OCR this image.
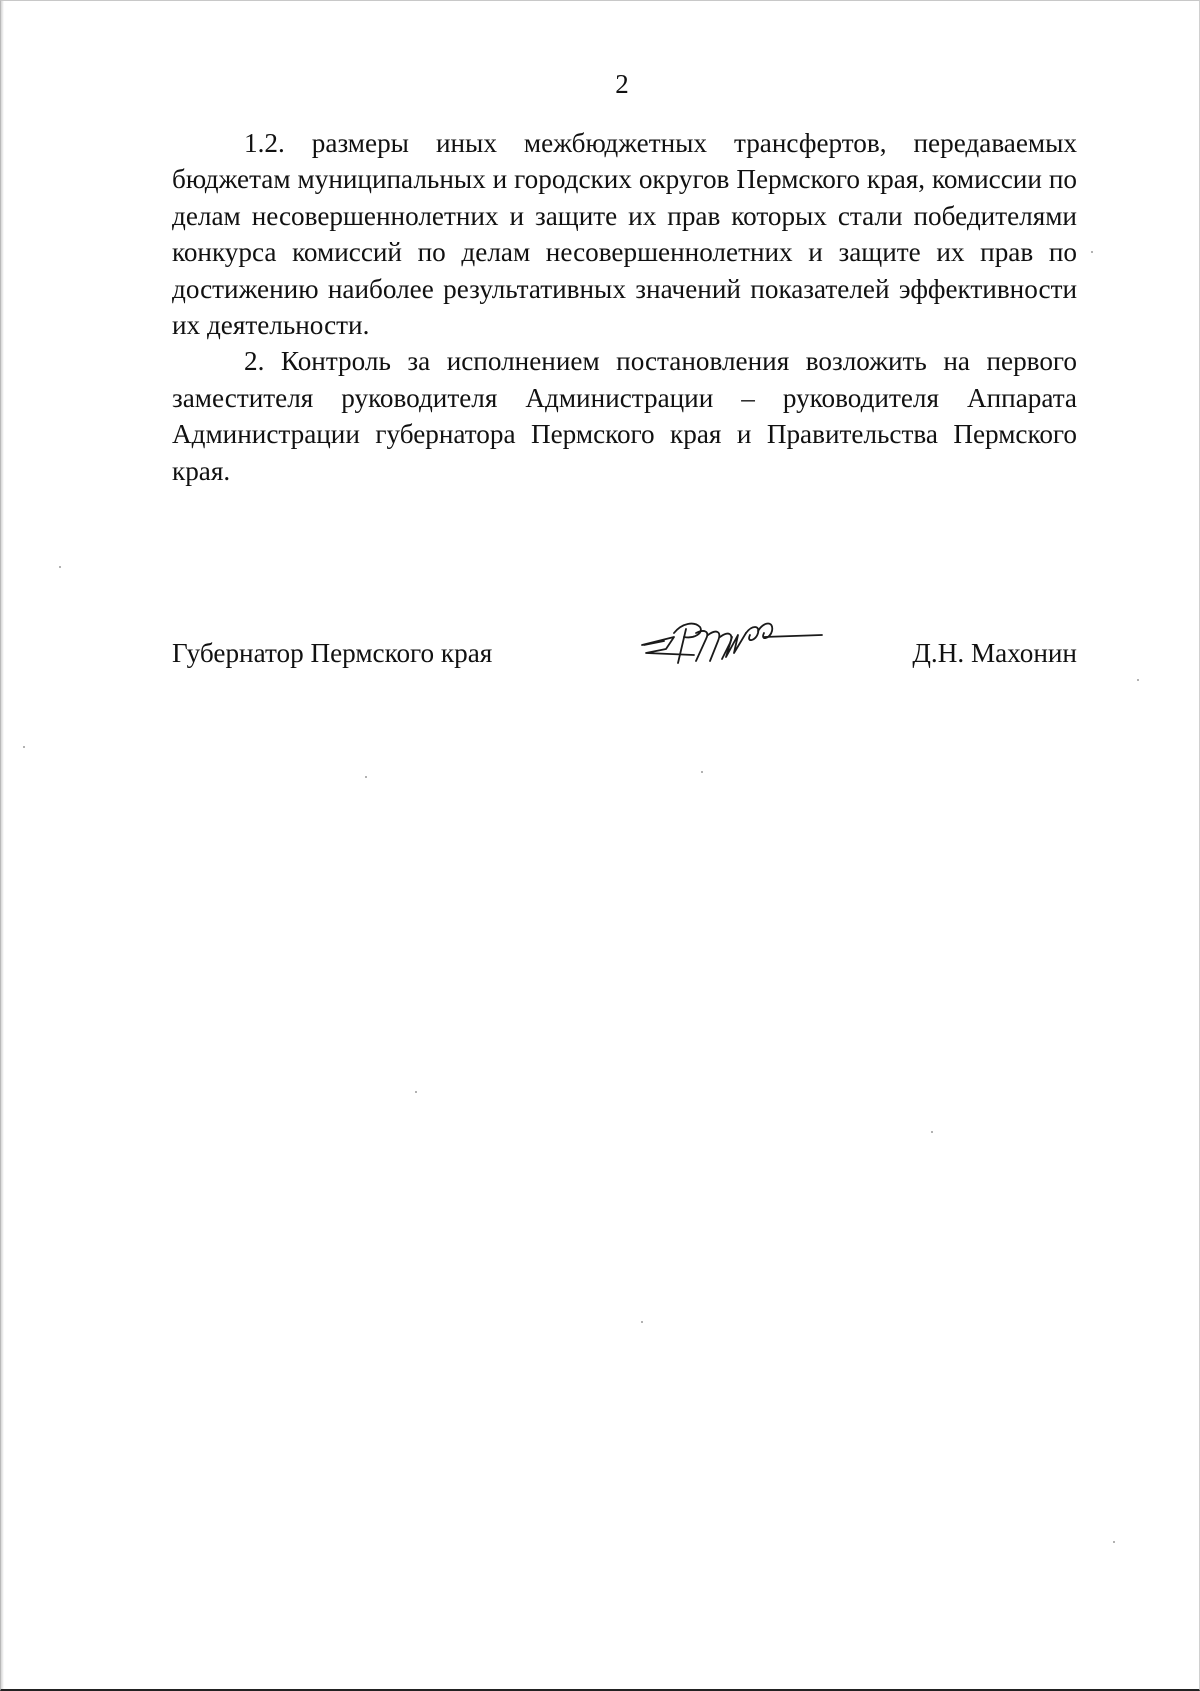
2

1.2. размеры иных межбюджетных трансфертов, передаваемых бюджетам муниципальных и городских округов Пермского края, комиссии по делам несовершеннолетних и защите их прав которых стали победителями конкурса комиссий по делам несовершеннолетних и защите их прав по достижению наиболее результативных значений показателей эффективности их деятельности.

2. Контроль за исполнением постановления возложить на первого заместителя руководителя Администрации – руководителя Аппарата Администрации губернатора Пермского края и Правительства Пермского края.

Губернатор Пермского края	Д.Н. Махонин
